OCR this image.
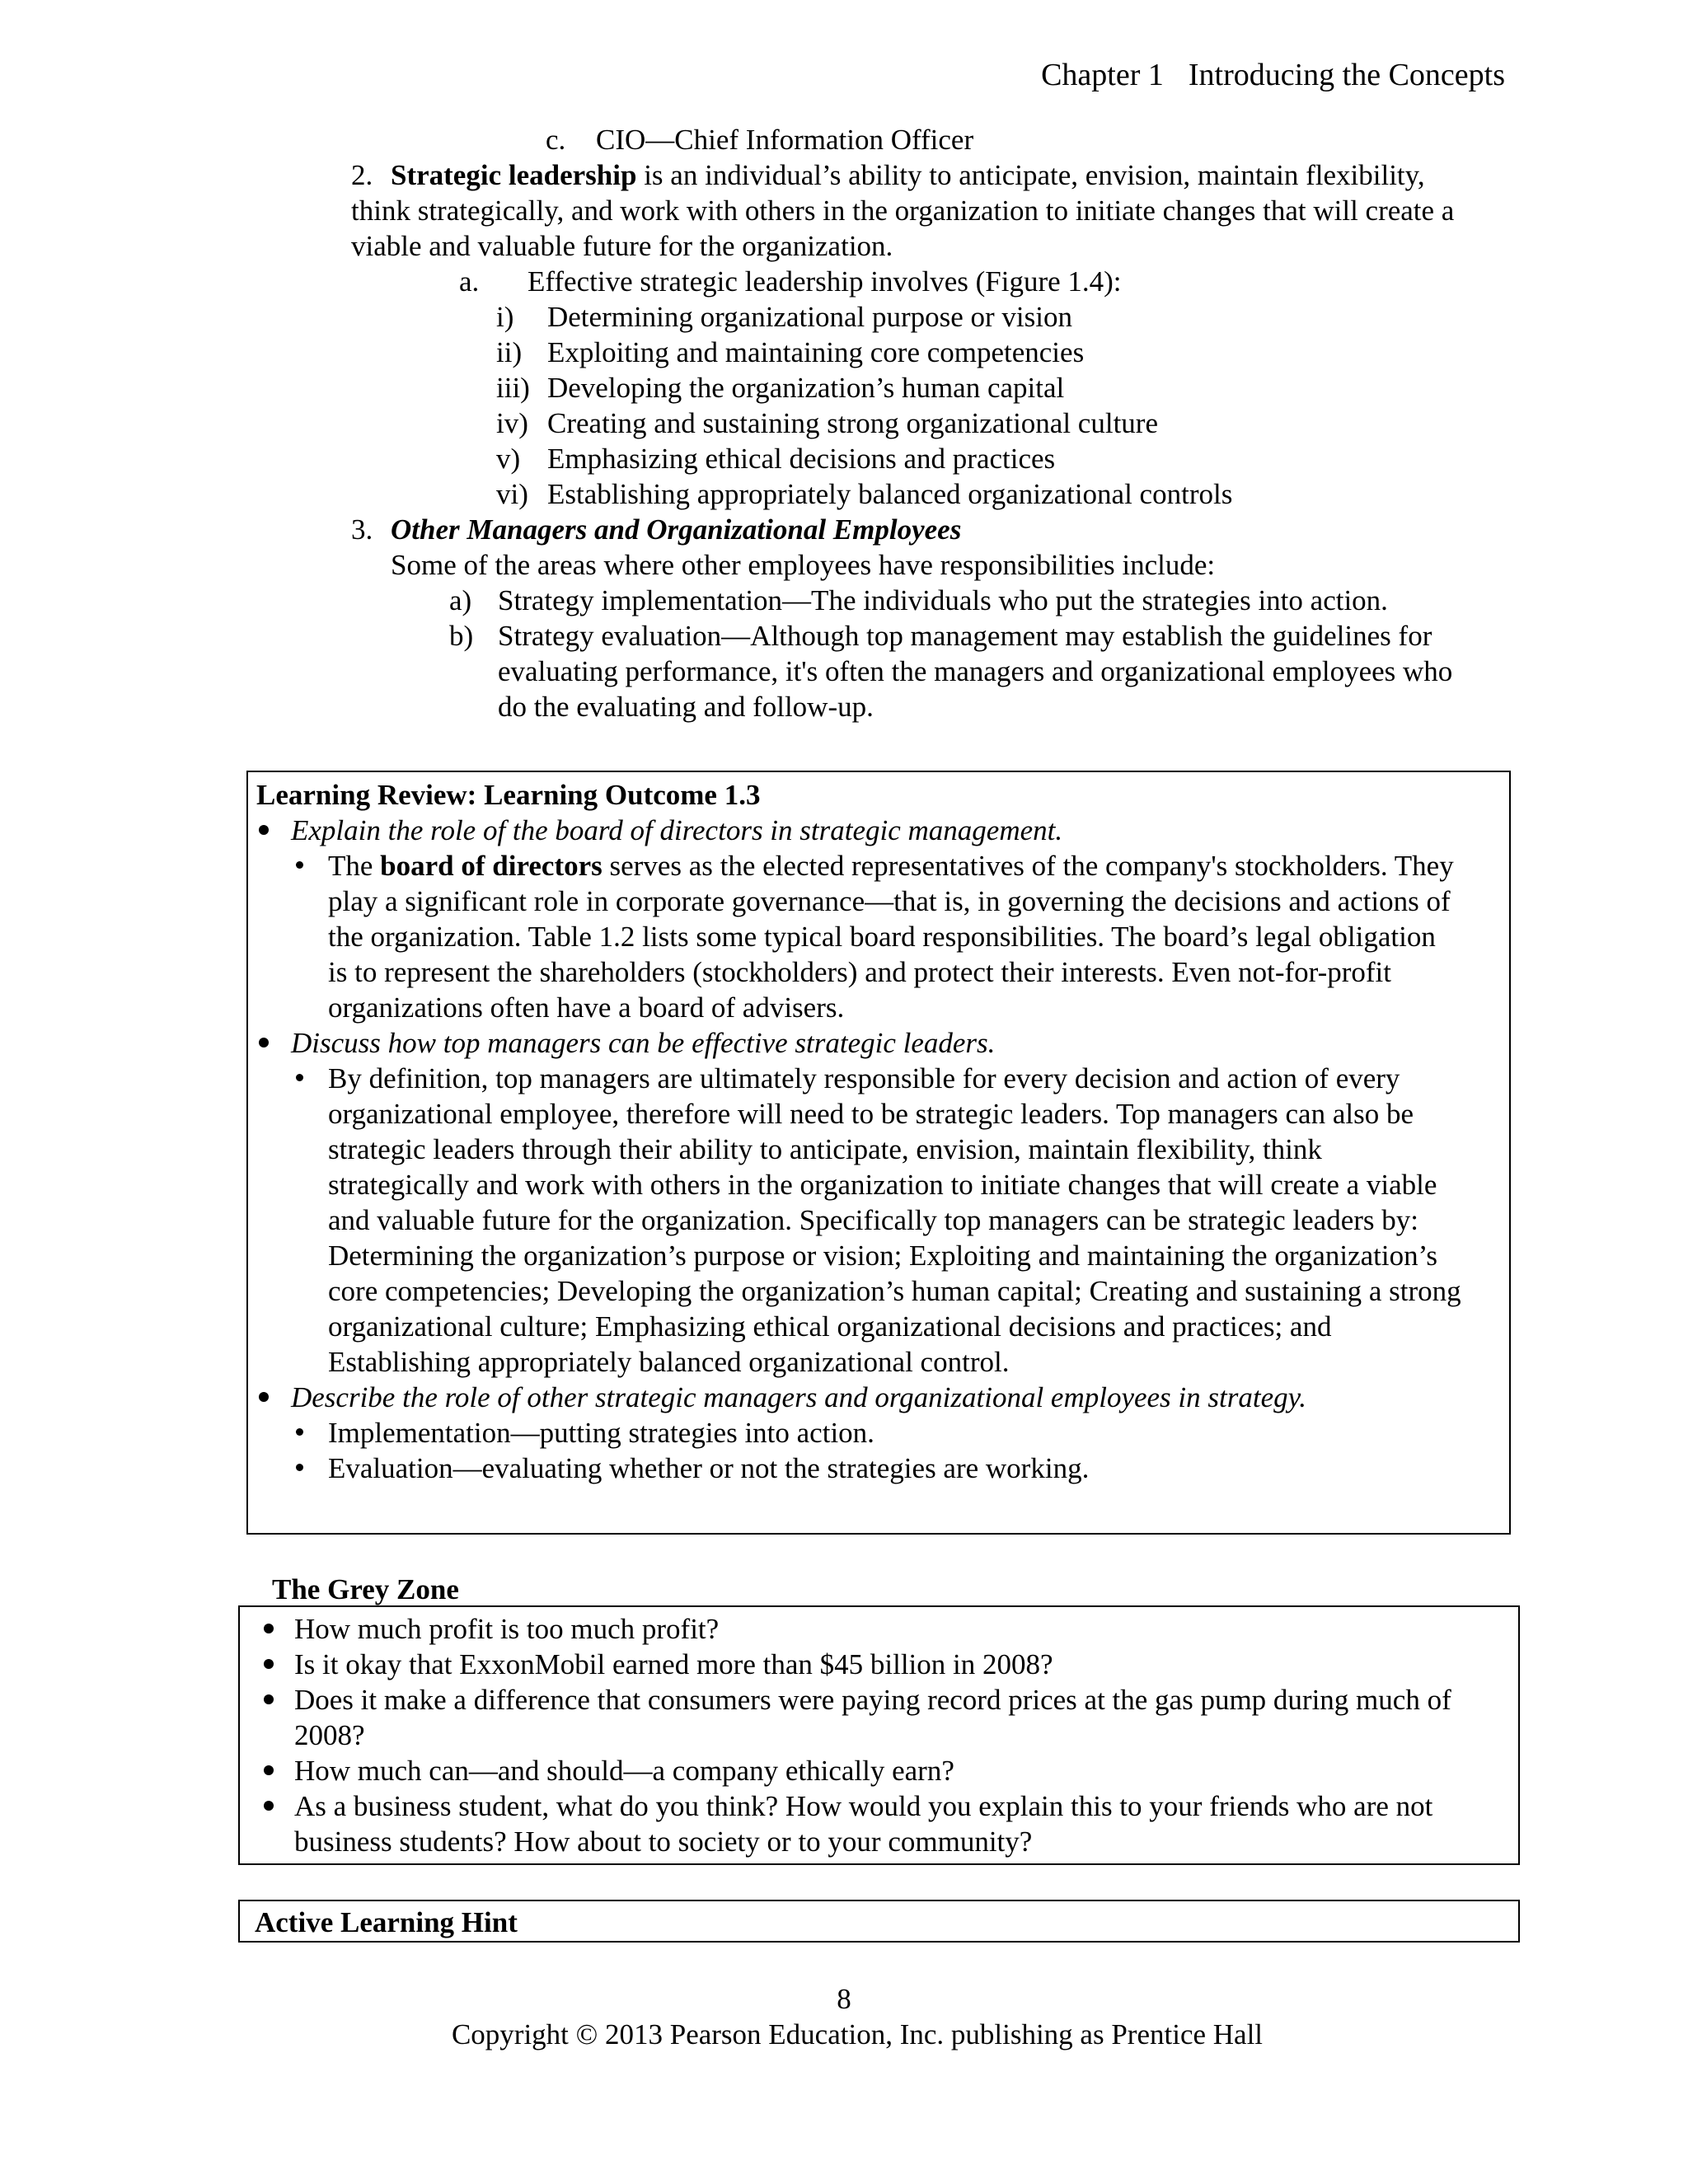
Chapter 1 Introducing the Concepts
c. CIO—Chief Information Officer
2. Strategic leadership is an individual’s ability to anticipate, envision, maintain flexibility,
think strategically, and work with others in the organization to initiate changes that will create a
viable and valuable future for the organization.
a. Effective strategic leadership involves (Figure 1.4):
i) Determining organizational purpose or vision
ii) Exploiting and maintaining core competencies
iii) Developing the organization’s human capital
iv) Creating and sustaining strong organizational culture
v) Emphasizing ethical decisions and practices
vi) Establishing appropriately balanced organizational controls
3. Other Managers and Organizational Employees
Some of the areas where other employees have responsibilities include:
a) Strategy implementation—The individuals who put the strategies into action.
b) Strategy evaluation—Although top management may establish the guidelines for
evaluating performance, it's often the managers and organizational employees who
do the evaluating and follow-up.
Learning Review: Learning Outcome 1.3
Explain the role of the board of directors in strategic management.
The board of directors serves as the elected representatives of the company's stockholders. They
play a significant role in corporate governance—that is, in governing the decisions and actions of
the organization. Table 1.2 lists some typical board responsibilities. The board’s legal obligation
is to represent the shareholders (stockholders) and protect their interests. Even not-for-profit
organizations often have a board of advisers.
Discuss how top managers can be effective strategic leaders.
By definition, top managers are ultimately responsible for every decision and action of every
organizational employee, therefore will need to be strategic leaders. Top managers can also be
strategic leaders through their ability to anticipate, envision, maintain flexibility, think
strategically and work with others in the organization to initiate changes that will create a viable
and valuable future for the organization. Specifically top managers can be strategic leaders by:
Determining the organization’s purpose or vision; Exploiting and maintaining the organization’s
core competencies; Developing the organization’s human capital; Creating and sustaining a strong
organizational culture; Emphasizing ethical organizational decisions and practices; and
Establishing appropriately balanced organizational control.
Describe the role of other strategic managers and organizational employees in strategy.
Implementation—putting strategies into action.
Evaluation—evaluating whether or not the strategies are working.
The Grey Zone
How much profit is too much profit?
Is it okay that ExxonMobil earned more than $45 billion in 2008?
Does it make a difference that consumers were paying record prices at the gas pump during much of
2008?
How much can—and should—a company ethically earn?
As a business student, what do you think? How would you explain this to your friends who are not
business students? How about to society or to your community?
Active Learning Hint
8
Copyright © 2013 Pearson Education, Inc. publishing as Prentice Hall
